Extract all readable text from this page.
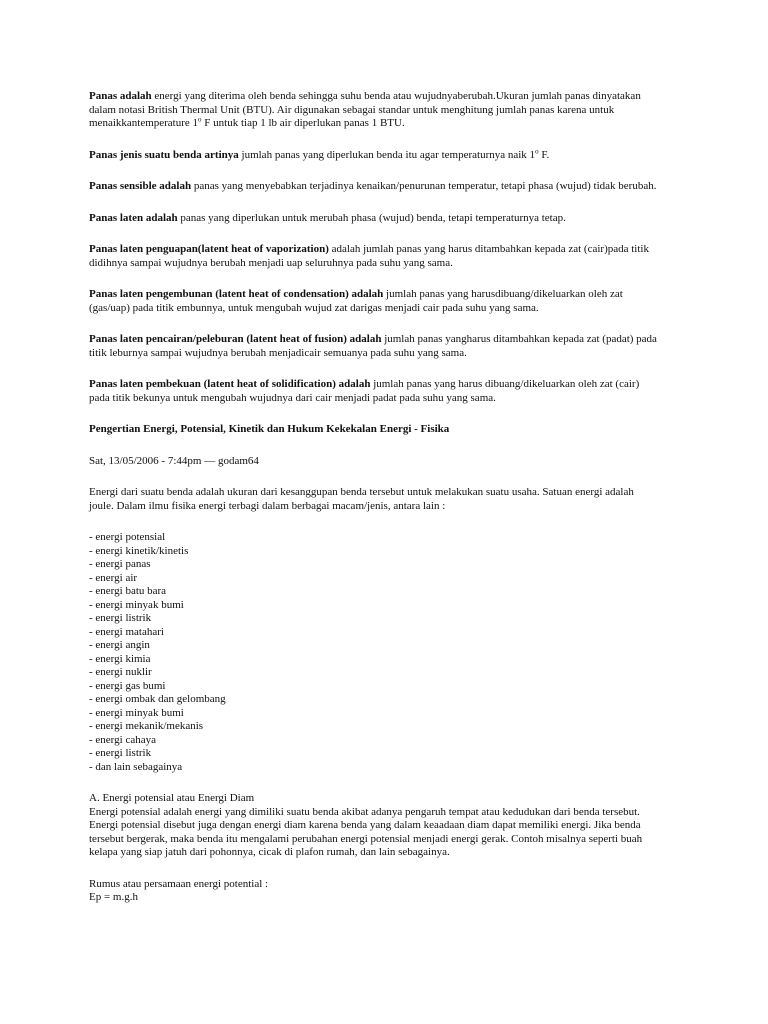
Panas adalah energi yang diterima oleh benda sehingga suhu benda atau wujudnyaberubah.Ukuran jumlah panas dinyatakan
dalam notasi British Thermal Unit (BTU). Air digunakan sebagai standar untuk menghitung jumlah panas karena untuk
menaikkantemperature 1$^o$ F untuk tiap 1 lb air diperlukan panas 1 BTU.

Panas jenis suatu benda artinya jumlah panas yang diperlukan benda itu agar temperaturnya naik 1$^o$ F.

Panas sensible adalah panas yang menyebabkan terjadinya kenaikan/penurunan temperatur, tetapi phasa (wujud) tidak berubah.

Panas laten adalah panas yang diperlukan untuk merubah phasa (wujud) benda, tetapi temperaturnya tetap.

Panas laten penguapan(latent heat of vaporization) adalah jumlah panas yang harus ditambahkan kepada zat (cair)pada titik
didihnya sampai wujudnya berubah menjadi uap seluruhnya pada suhu yang sama.

Panas laten pengembunan (latent heat of condensation) adalah jumlah panas yang harusdibuang/dikeluarkan oleh zat
(gas/uap) pada titik embunnya, untuk mengubah wujud zat darigas menjadi cair pada suhu yang sama.

Panas laten pencairan/peleburan (latent heat of fusion) adalah jumlah panas yangharus ditambahkan kepada zat (padat) pada
titik leburnya sampai wujudnya berubah menjadicair semuanya pada suhu yang sama.

Panas laten pembekuan (latent heat of solidification) adalah jumlah panas yang harus dibuang/dikeluarkan oleh zat (cair)
pada titik bekunya untuk mengubah wujudnya dari cair menjadi padat pada suhu yang sama.

Pengertian Energi, Potensial, Kinetik dan Hukum Kekekalan Energi - Fisika

Sat, 13/05/2006 - 7:44pm — godam64

Energi dari suatu benda adalah ukuran dari kesanggupan benda tersebut untuk melakukan suatu usaha. Satuan energi adalah
joule. Dalam ilmu fisika energi terbagi dalam berbagai macam/jenis, antara lain :

- energi potensial
- energi kinetik/kinetis
- energi panas
- energi air
- energi batu bara
- energi minyak bumi
- energi listrik
- energi matahari
- energi angin
- energi kimia
- energi nuklir
- energi gas bumi
- energi ombak dan gelombang
- energi minyak bumi
- energi mekanik/mekanis
- energi cahaya
- energi listrik
- dan lain sebagainya

A. Energi potensial atau Energi Diam
Energi potensial adalah energi yang dimiliki suatu benda akibat adanya pengaruh tempat atau kedudukan dari benda tersebut.
Energi potensial disebut juga dengan energi diam karena benda yang dalam keaadaan diam dapat memiliki energi. Jika benda
tersebut bergerak, maka benda itu mengalami perubahan energi potensial menjadi energi gerak. Contoh misalnya seperti buah
kelapa yang siap jatuh dari pohonnya, cicak di plafon rumah, dan lain sebagainya.

Rumus atau persamaan energi potential :
Ep = m.g.h
